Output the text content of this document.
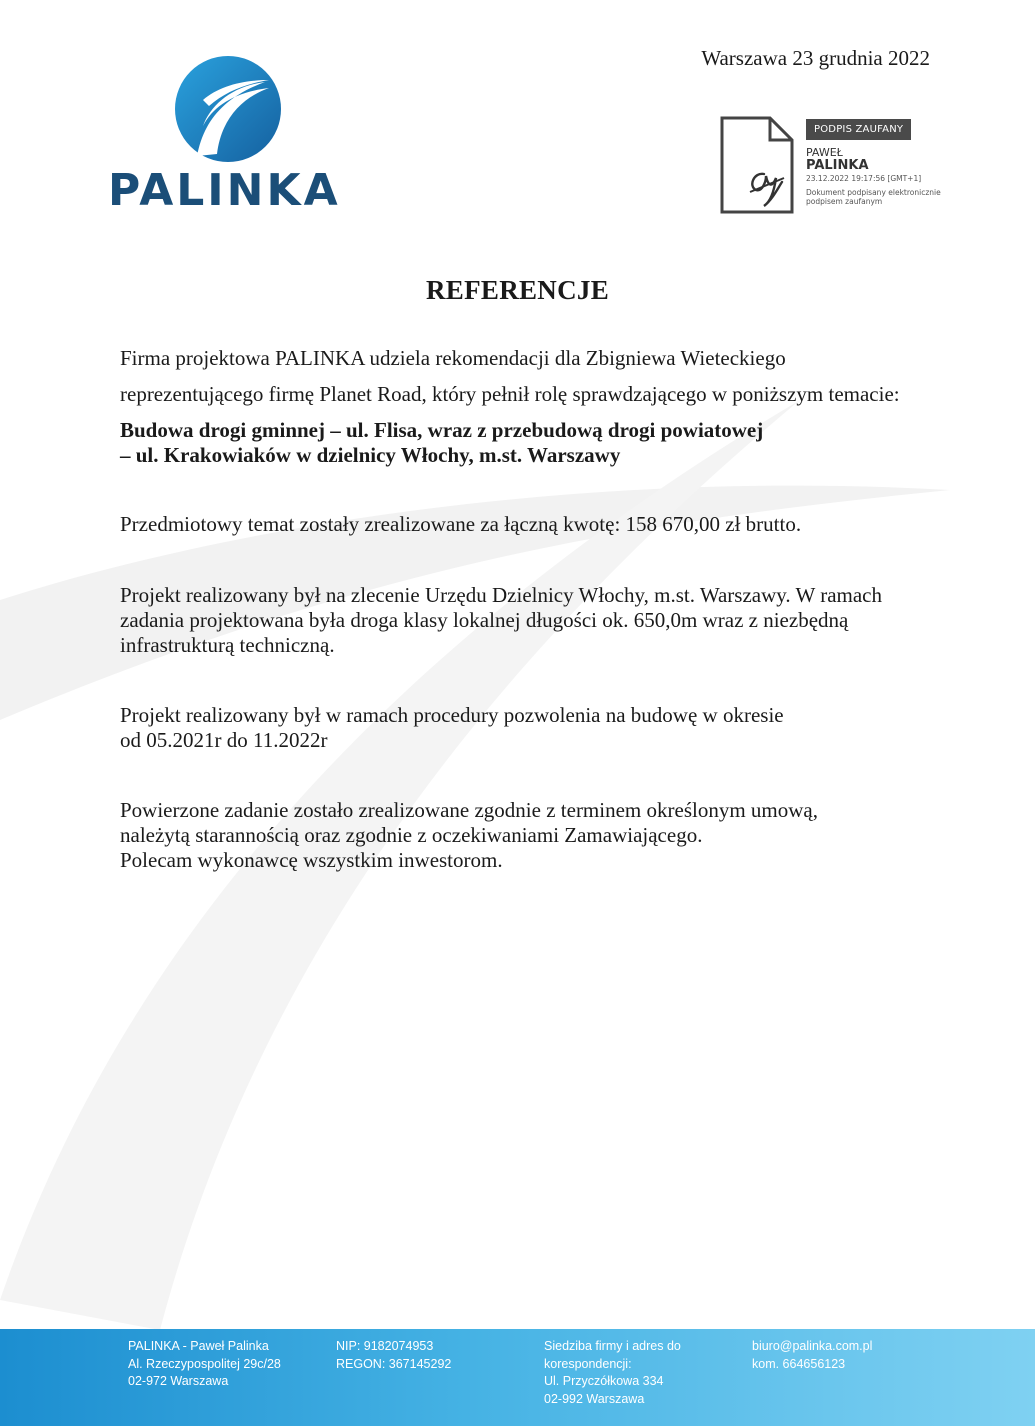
PALINKA
Warszawa 23 grudnia 2022
PODPIS ZAUFANY
PAWEŁ
PALINKA
23.12.2022 19:17:56 [GMT+1]
Dokument podpisany elektronicznie
podpisem zaufanym
REFERENCJE
Firma projektowa PALINKA udziela rekomendacji dla Zbigniewa Wieteckiego
reprezentującego firmę Planet Road, który pełnił rolę sprawdzającego w poniższym temacie:
Budowa drogi gminnej – ul. Flisa, wraz z przebudową drogi powiatowej
– ul. Krakowiaków w dzielnicy Włochy, m.st. Warszawy
Przedmiotowy temat zostały zrealizowane za łączną kwotę: 158 670,00 zł brutto.
Projekt realizowany był na zlecenie Urzędu Dzielnicy Włochy, m.st. Warszawy. W ramach
zadania projektowana była droga klasy lokalnej długości ok. 650,0m wraz z niezbędną
infrastrukturą techniczną.
Projekt realizowany był w ramach procedury pozwolenia na budowę w okresie
od 05.2021r do 11.2022r
Powierzone zadanie zostało zrealizowane zgodnie z terminem określonym umową,
należytą starannością oraz zgodnie z oczekiwaniami Zamawiającego.
Polecam wykonawcę wszystkim inwestorom.
PALINKA - Paweł Palinka
Al. Rzeczypospolitej 29c/28
02-972 Warszawa
NIP: 9182074953
REGON: 367145292
Siedziba firmy i adres do
korespondencji:
Ul. Przyczółkowa 334
02-992 Warszawa
biuro@palinka.com.pl
kom. 664656123
